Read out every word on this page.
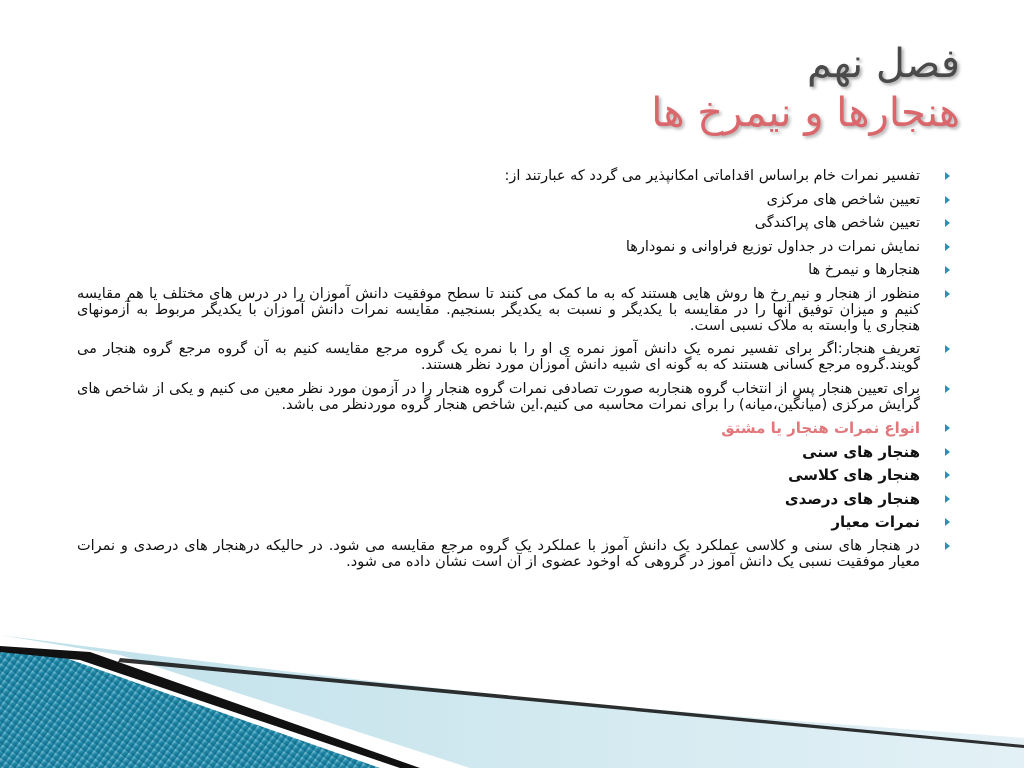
فصل نهم
هنجارها و نیمرخ ها
تفسیر نمرات خام براساس اقداماتی امکانپذیر می گردد که عبارتند از:
تعیین شاخص های مرکزی
تعیین شاخص های پراکندگی
نمایش نمرات در جداول توزیع فراوانی و نمودارها
هنجارها و نیمرخ ها
منظور از هنجار و نیم رخ ها روش هایی هستند که به ما کمک می کنند تا سطح موفقیت دانش آموزان را در درس های مختلف یا هم مقایسه کنیم و میزان توفیق آنها را در مقایسه با یکدیگر و نسبت به یکدیگر بسنجیم. مقایسه نمرات دانش آموزان با یکدیگر مربوط به آزمونهای هنجاری یا وابسته به ملاک نسبی است.
تعریف هنجار:اگر برای تفسیر نمره یک دانش آموز نمره ی او را با نمره یک گروه مرجع مقایسه کنیم به آن گروه مرجع گروه هنجار می گویند.گروه مرجع کسانی هستند که به گونه ای شبیه دانش آموزان مورد نظر هستند.
برای تعیین هنجار پس از انتخاب گروه هنجاربه صورت تصادفی نمرات گروه هنجار را در آزمون مورد نظر معین می کنیم و یکی از شاخص های گرایش مرکزی (میانگین،میانه) را برای نمرات محاسبه می کنیم.این شاخص هنجار گروه موردنظر می باشد.
انواع نمرات هنجار یا مشتق
هنجار های سنی
هنجار های کلاسی
هنجار های درصدی
نمرات معیار
در هنجار های سنی و کلاسی عملکرد یک دانش آموز با عملکرد یک گروه مرجع مقایسه می شود. در حالیکه درهنجار های درصدی و نمرات معیار موفقیت نسبی یک دانش آموز در گروهی که اوخود عضوی از آن است نشان داده می شود.
